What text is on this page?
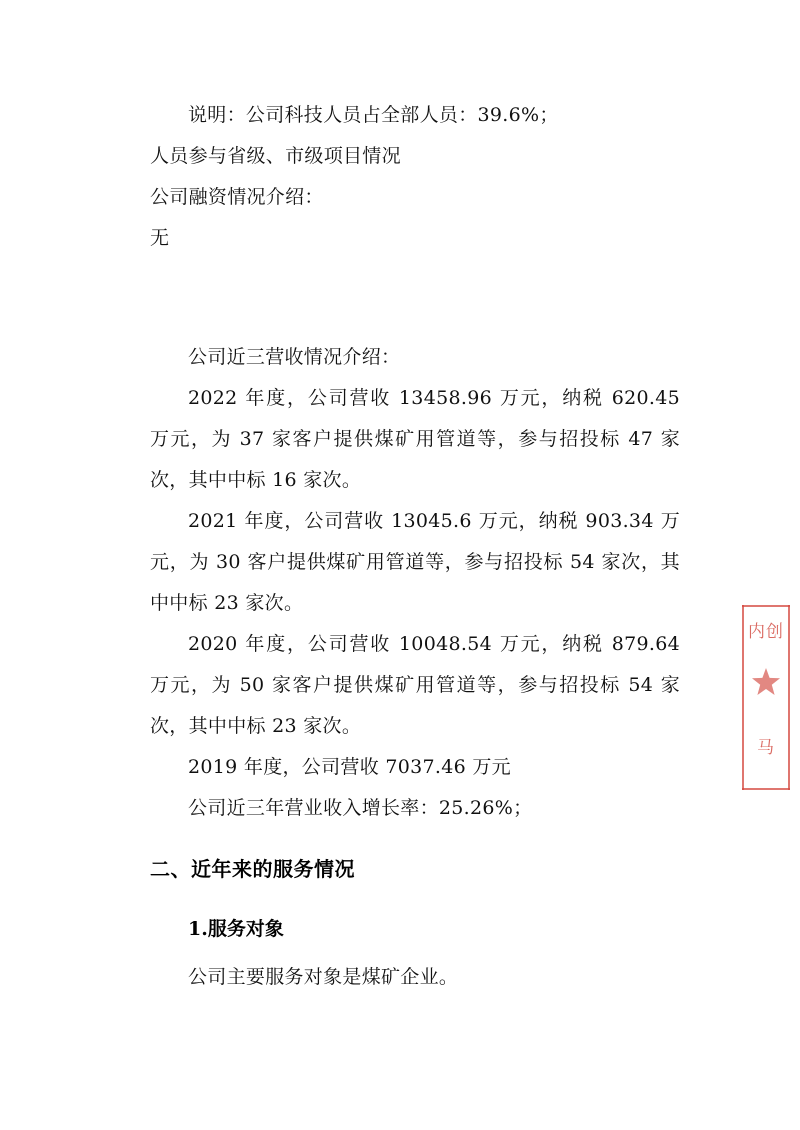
说明：公司科技人员占全部人员：39.6%；

人员参与省级、市级项目情况

公司融资情况介绍：

无

公司近三营收情况介绍：

2022 年度，公司营收 13458.96 万元，纳税 620.45 万元，为 37 家客户提供煤矿用管道等，参与招投标 47 家次，其中中标 16 家次。

2021 年度，公司营收 13045.6 万元，纳税 903.34 万元，为 30 客户提供煤矿用管道等，参与招投标 54 家次，其中中标 23 家次。

2020 年度，公司营收 10048.54 万元，纳税 879.64 万元，为 50 家客户提供煤矿用管道等，参与招投标 54 家次，其中中标 23 家次。

2019 年度，公司营收 7037.46 万元

公司近三年营业收入增长率：25.26%；

二、近年来的服务情况
1.服务对象

公司主要服务对象是煤矿企业。

内创
马
